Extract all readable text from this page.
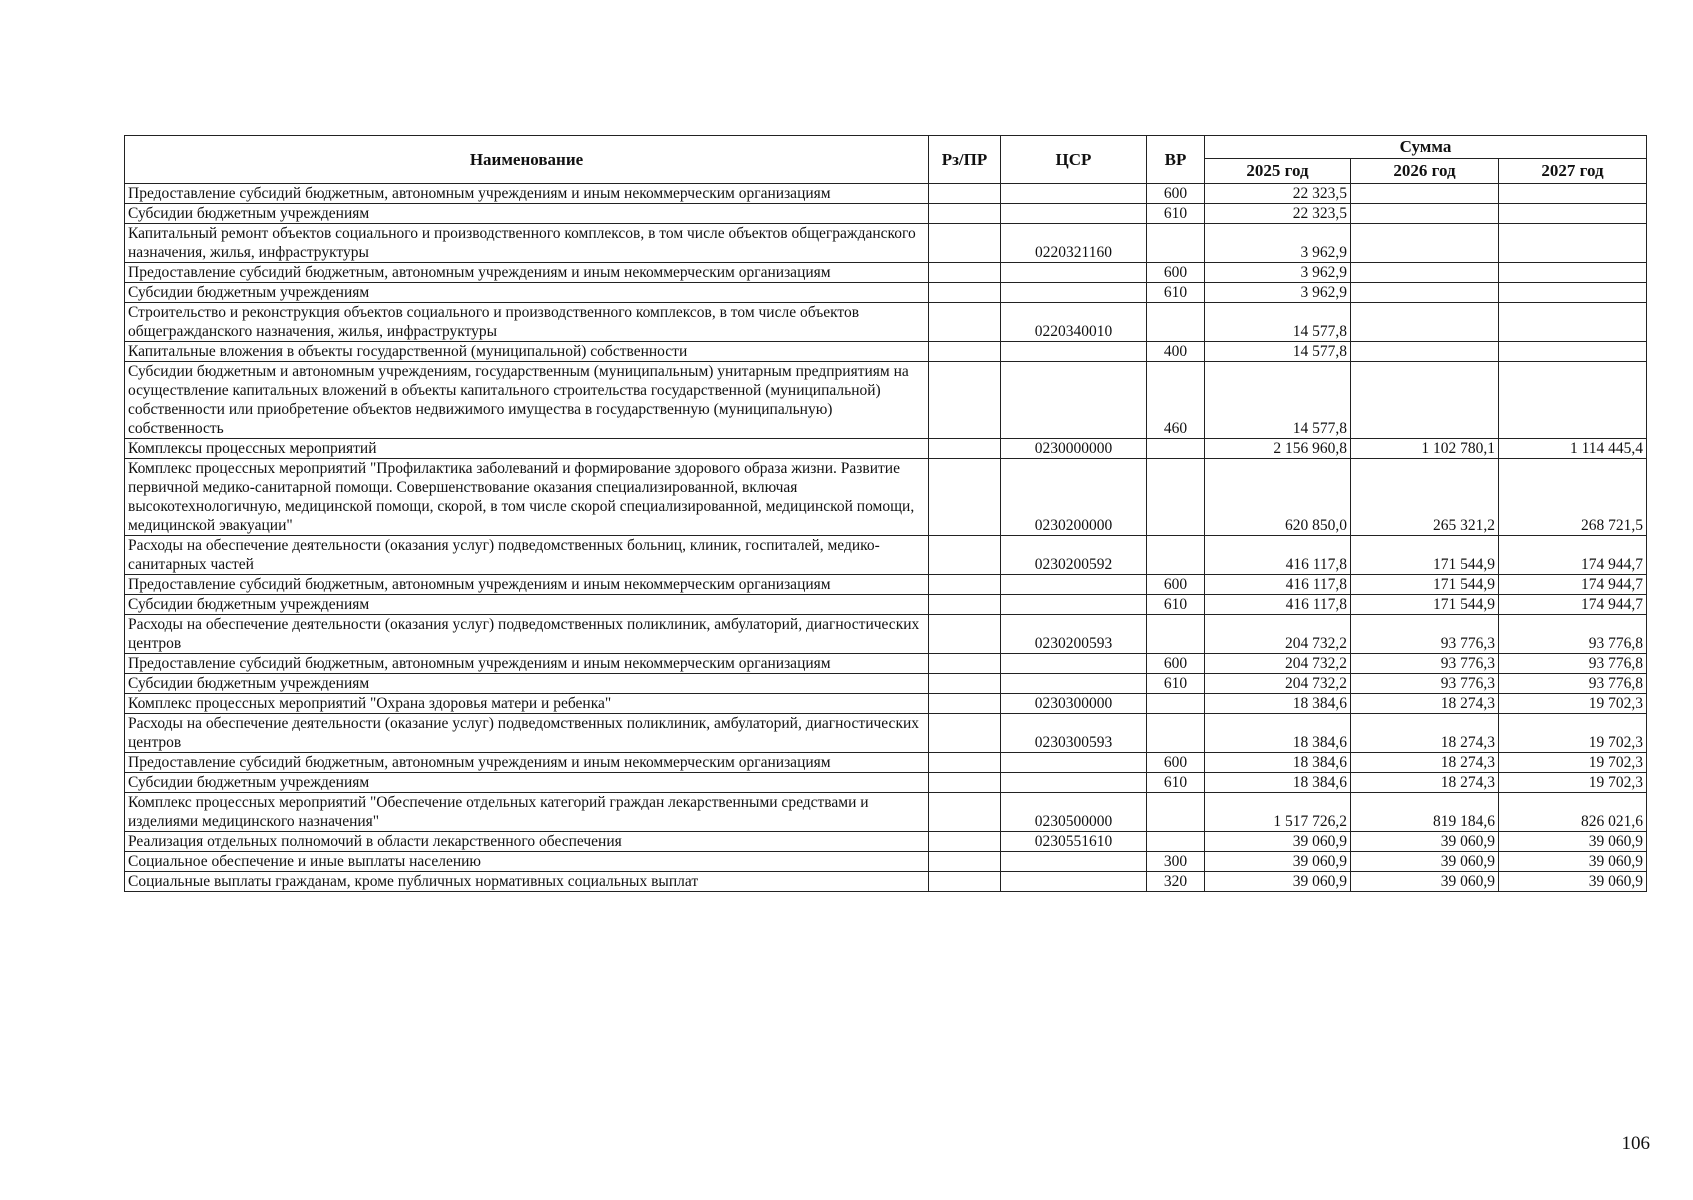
Наименование	Рз/ПР	ЦСР	ВР	Сумма		
				2025 год	2026 год	2027 год
Предоставление субсидий бюджетным, автономным учреждениям и иным некоммерческим организациям			600	22 323,5		
Субсидии бюджетным учреждениям			610	22 323,5		
Капитальный ремонт объектов социального и производственного комплексов, в том числе объектов общегражданского назначения, жилья, инфраструктуры		0220321160		3 962,9		
Предоставление субсидий бюджетным, автономным учреждениям и иным некоммерческим организациям			600	3 962,9		
Субсидии бюджетным учреждениям			610	3 962,9		
Строительство и реконструкция объектов социального и производственного комплексов, в том числе объектов общегражданского назначения, жилья, инфраструктуры		0220340010		14 577,8		
Капитальные вложения в объекты государственной (муниципальной) собственности			400	14 577,8		
Субсидии бюджетным и автономным учреждениям, государственным (муниципальным) унитарным предприятиям на осуществление капитальных вложений в объекты капитального строительства государственной (муниципальной) собственности или приобретение объектов недвижимого имущества в государственную (муниципальную) собственность			460	14 577,8		
Комплексы процессных мероприятий		0230000000		2 156 960,8	1 102 780,1	1 114 445,4
Комплекс процессных мероприятий "Профилактика заболеваний и формирование здорового образа жизни. Развитие первичной медико-санитарной помощи. Совершенствование оказания специализированной, включая высокотехнологичную, медицинской помощи, скорой, в том числе скорой специализированной, медицинской помощи, медицинской эвакуации"		0230200000		620 850,0	265 321,2	268 721,5
Расходы на обеспечение деятельности (оказания услуг) подведомственных больниц, клиник, госпиталей, медико-санитарных частей		0230200592		416 117,8	171 544,9	174 944,7
Предоставление субсидий бюджетным, автономным учреждениям и иным некоммерческим организациям			600	416 117,8	171 544,9	174 944,7
Субсидии бюджетным учреждениям			610	416 117,8	171 544,9	174 944,7
Расходы на обеспечение деятельности (оказания услуг) подведомственных поликлиник, амбулаторий, диагностических центров		0230200593		204 732,2	93 776,3	93 776,8
Предоставление субсидий бюджетным, автономным учреждениям и иным некоммерческим организациям			600	204 732,2	93 776,3	93 776,8
Субсидии бюджетным учреждениям			610	204 732,2	93 776,3	93 776,8
Комплекс процессных мероприятий "Охрана здоровья матери и ребенка"		0230300000		18 384,6	18 274,3	19 702,3
Расходы на обеспечение деятельности (оказание услуг) подведомственных поликлиник, амбулаторий, диагностических центров		0230300593		18 384,6	18 274,3	19 702,3
Предоставление субсидий бюджетным, автономным учреждениям и иным некоммерческим организациям			600	18 384,6	18 274,3	19 702,3
Субсидии бюджетным учреждениям			610	18 384,6	18 274,3	19 702,3
Комплекс процессных мероприятий "Обеспечение отдельных категорий граждан лекарственными средствами и изделиями медицинского назначения"		0230500000		1 517 726,2	819 184,6	826 021,6
Реализация отдельных полномочий в области лекарственного обеспечения		0230551610		39 060,9	39 060,9	39 060,9
Социальное обеспечение и иные выплаты населению			300	39 060,9	39 060,9	39 060,9
Социальные выплаты гражданам, кроме публичных нормативных социальных выплат			320	39 060,9	39 060,9	39 060,9
106
